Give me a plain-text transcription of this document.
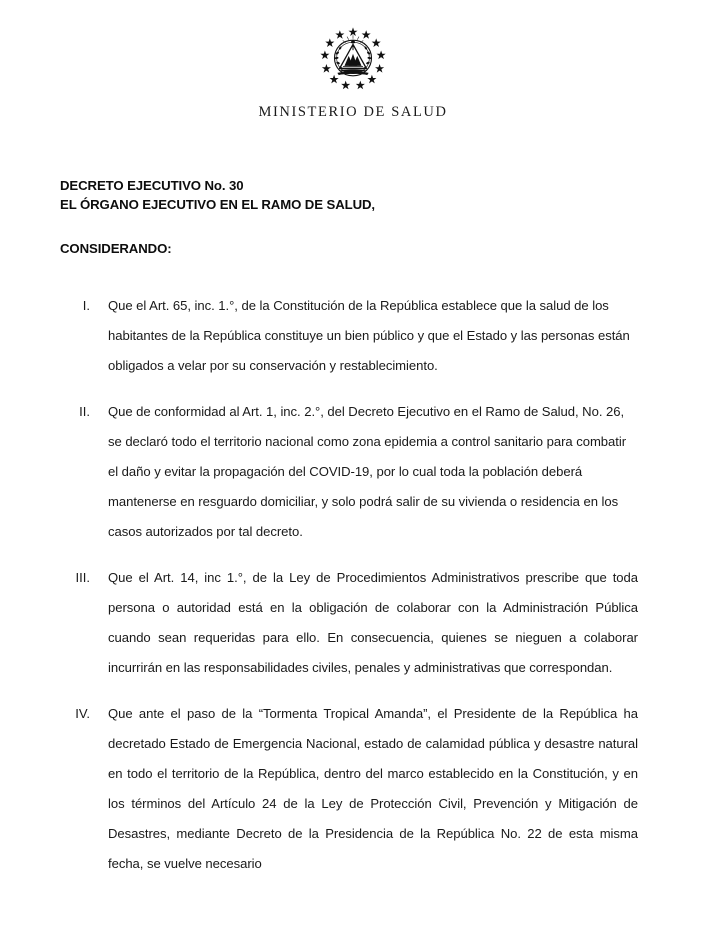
MINISTERIO DE SALUD
DECRETO EJECUTIVO No. 30
EL ÓRGANO EJECUTIVO EN EL RAMO DE SALUD,
CONSIDERANDO:
I. Que el Art. 65, inc. 1.°, de la Constitución de la República establece que la salud de los habitantes de la República constituye un bien público y que el Estado y las personas están obligados a velar por su conservación y restablecimiento.
II. Que de conformidad al Art. 1, inc. 2.°, del Decreto Ejecutivo en el Ramo de Salud, No. 26, se declaró todo el territorio nacional como zona epidemia a control sanitario para combatir el daño y evitar la propagación del COVID-19, por lo cual toda la población deberá mantenerse en resguardo domiciliar, y solo podrá salir de su vivienda o residencia en los casos autorizados por tal decreto.
III. Que el Art. 14, inc 1.°, de la Ley de Procedimientos Administrativos prescribe que toda persona o autoridad está en la obligación de colaborar con la Administración Pública cuando sean requeridas para ello. En consecuencia, quienes se nieguen a colaborar incurrirán en las responsabilidades civiles, penales y administrativas que correspondan.
IV. Que ante el paso de la “Tormenta Tropical Amanda”, el Presidente de la República ha decretado Estado de Emergencia Nacional, estado de calamidad pública y desastre natural en todo el territorio de la República, dentro del marco establecido en la Constitución, y en los términos del Artículo 24 de la Ley de Protección Civil, Prevención y Mitigación de Desastres, mediante Decreto de la Presidencia de la República No. 22 de esta misma fecha, se vuelve necesario
